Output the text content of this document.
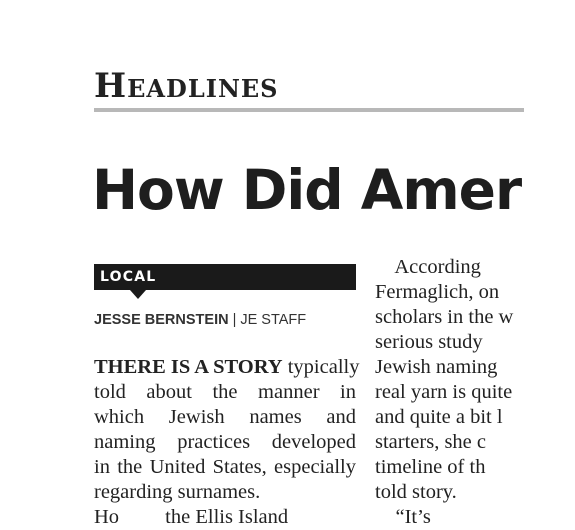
Headlines
How Did Amer
LOCAL
JESSE BERNSTEIN | JE STAFF
THERE IS A STORY typically
told about the manner in
which Jewish names and
naming practices developed
in the United States, especially
regarding surnames.
Ho         the Ellis Island
According
Fermaglich, on
scholars in the w
serious study
Jewish naming
real yarn is quite
and quite a bit l
starters, she c
timeline of th
told story.
“It’s
